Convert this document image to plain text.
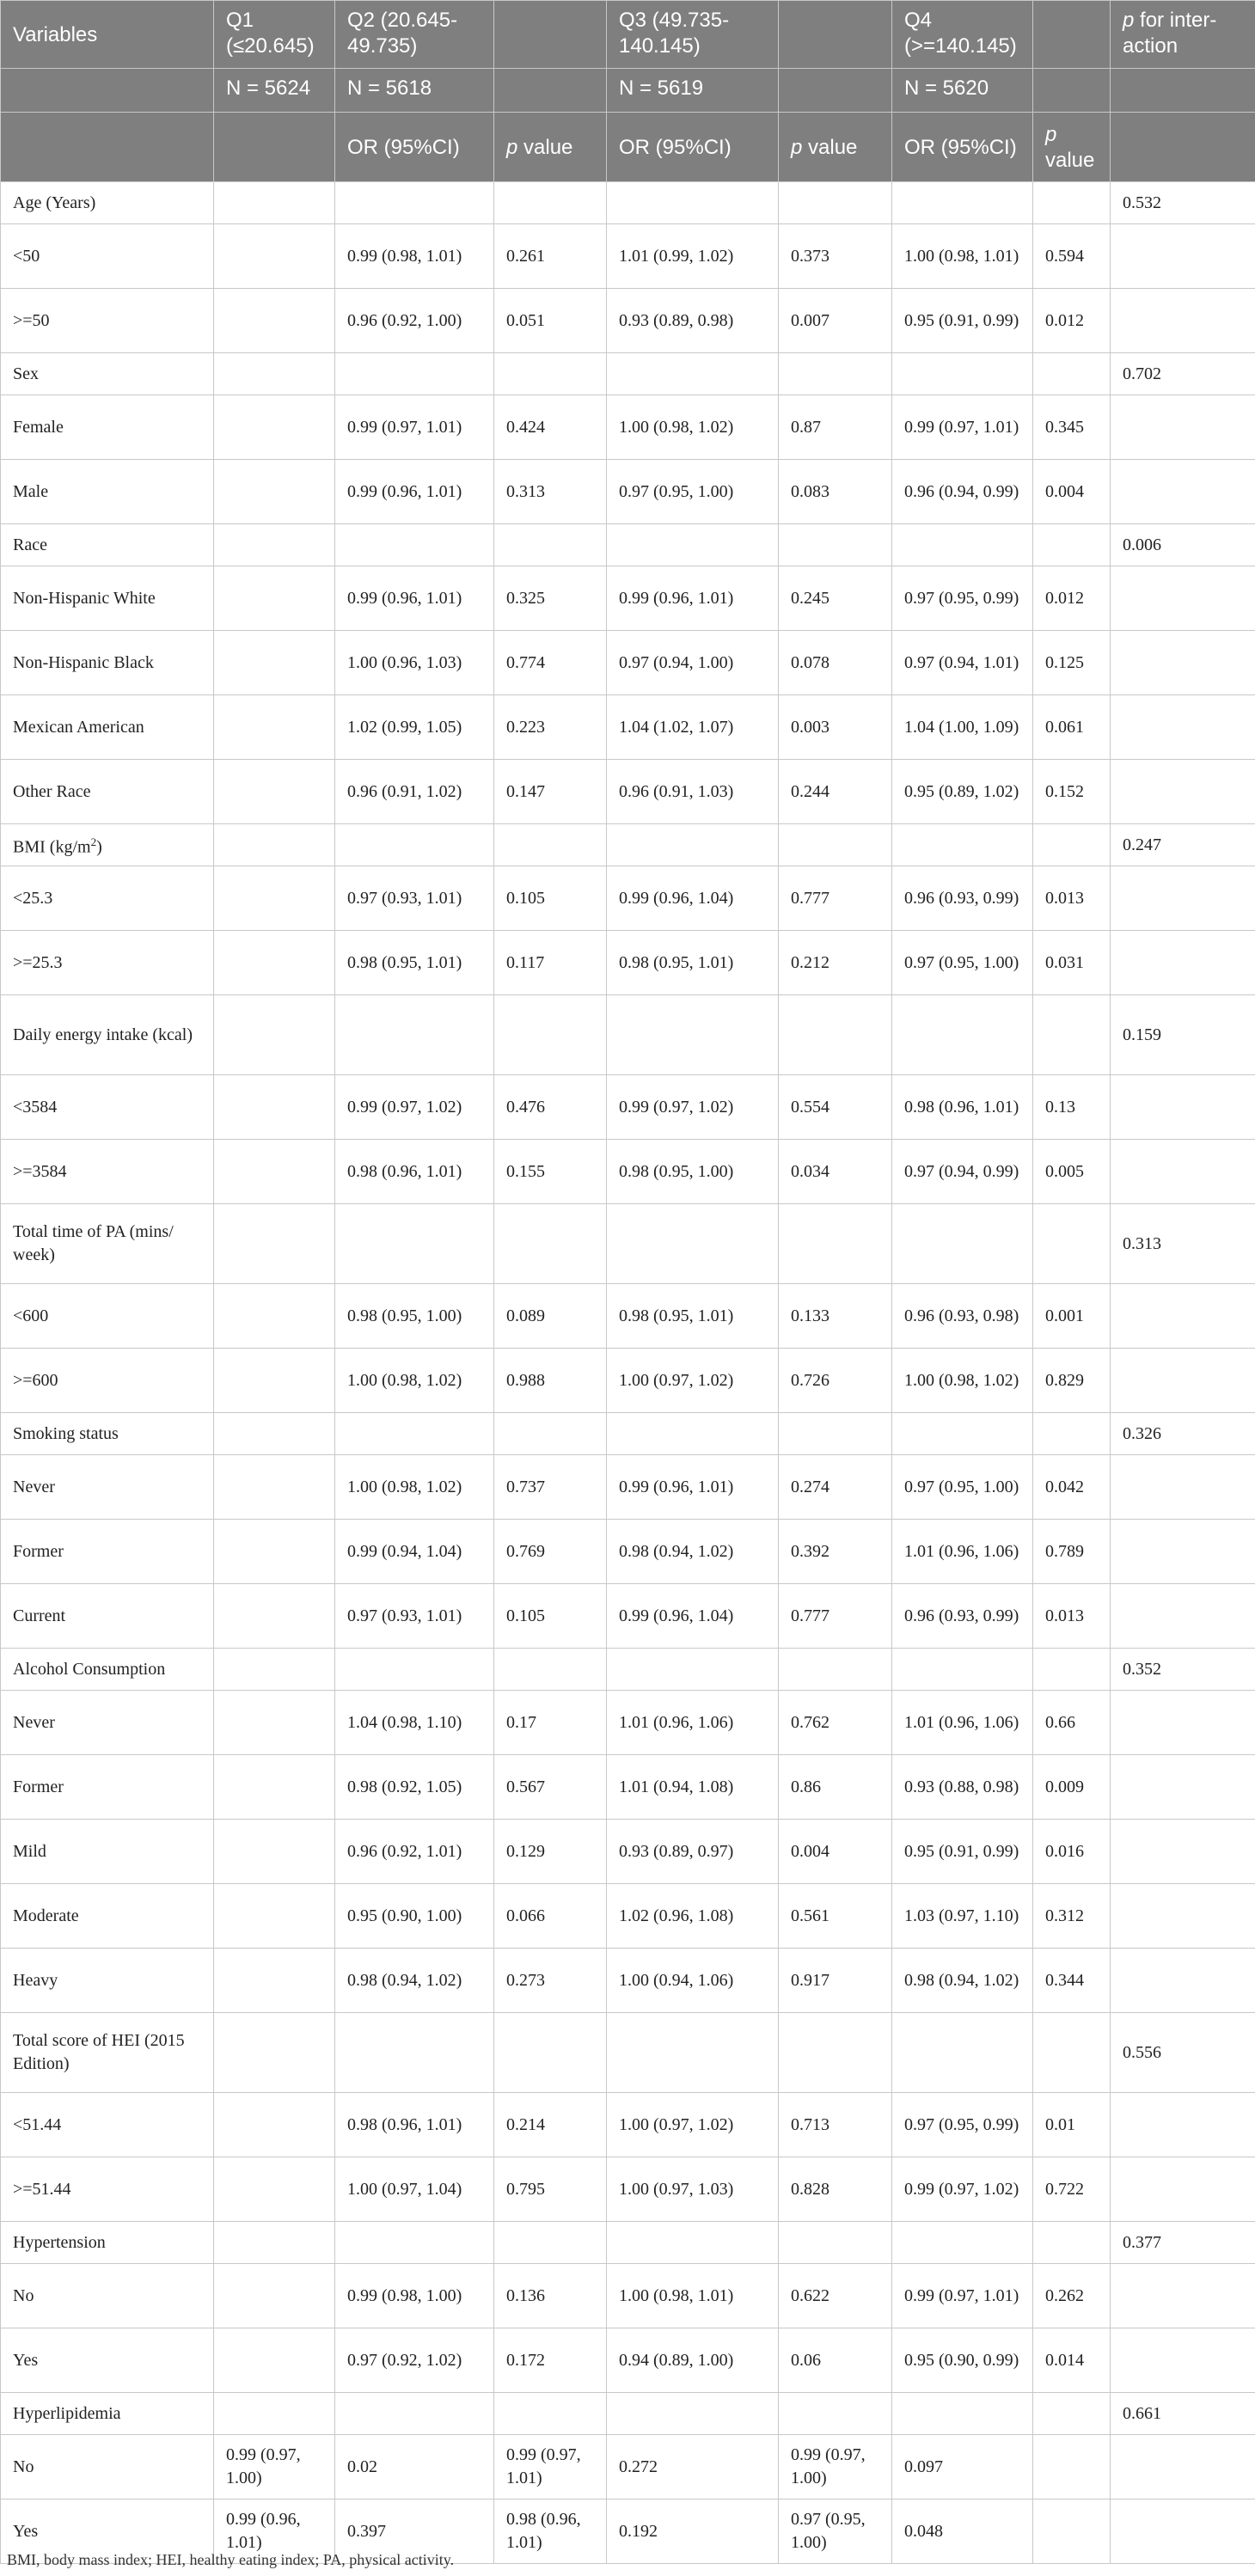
Variables	Q1 (≤20.645)	Q2 (20.645-49.735)		Q3 (49.735-140.145)		Q4 (>=140.145)		p for inter-action
	N = 5624	N = 5618		N = 5619		N = 5620		
		OR (95%CI)	p value	OR (95%CI)	p value	OR (95%CI)	p value	
Age (Years)								0.532
<50		0.99 (0.98, 1.01)	0.261	1.01 (0.99, 1.02)	0.373	1.00 (0.98, 1.01)	0.594	
>=50		0.96 (0.92, 1.00)	0.051	0.93 (0.89, 0.98)	0.007	0.95 (0.91, 0.99)	0.012	
Sex								0.702
Female		0.99 (0.97, 1.01)	0.424	1.00 (0.98, 1.02)	0.87	0.99 (0.97, 1.01)	0.345	
Male		0.99 (0.96, 1.01)	0.313	0.97 (0.95, 1.00)	0.083	0.96 (0.94, 0.99)	0.004	
Race								0.006
Non-Hispanic White		0.99 (0.96, 1.01)	0.325	0.99 (0.96, 1.01)	0.245	0.97 (0.95, 0.99)	0.012	
Non-Hispanic Black		1.00 (0.96, 1.03)	0.774	0.97 (0.94, 1.00)	0.078	0.97 (0.94, 1.01)	0.125	
Mexican American		1.02 (0.99, 1.05)	0.223	1.04 (1.02, 1.07)	0.003	1.04 (1.00, 1.09)	0.061	
Other Race		0.96 (0.91, 1.02)	0.147	0.96 (0.91, 1.03)	0.244	0.95 (0.89, 1.02)	0.152	
BMI $(kg/m^2)$								0.247
<25.3		0.97 (0.93, 1.01)	0.105	0.99 (0.96, 1.04)	0.777	0.96 (0.93, 0.99)	0.013	
>=25.3		0.98 (0.95, 1.01)	0.117	0.98 (0.95, 1.01)	0.212	0.97 (0.95, 1.00)	0.031	
Daily energy intake (kcal)								0.159
<3584		0.99 (0.97, 1.02)	0.476	0.99 (0.97, 1.02)	0.554	0.98 (0.96, 1.01)	0.13	
>=3584		0.98 (0.96, 1.01)	0.155	0.98 (0.95, 1.00)	0.034	0.97 (0.94, 0.99)	0.005	
Total time of PA (mins/ week)								0.313
<600		0.98 (0.95, 1.00)	0.089	0.98 (0.95, 1.01)	0.133	0.96 (0.93, 0.98)	0.001	
>=600		1.00 (0.98, 1.02)	0.988	1.00 (0.97, 1.02)	0.726	1.00 (0.98, 1.02)	0.829	
Smoking status								0.326
Never		1.00 (0.98, 1.02)	0.737	0.99 (0.96, 1.01)	0.274	0.97 (0.95, 1.00)	0.042	
Former		0.99 (0.94, 1.04)	0.769	0.98 (0.94, 1.02)	0.392	1.01 (0.96, 1.06)	0.789	
Current		0.97 (0.93, 1.01)	0.105	0.99 (0.96, 1.04)	0.777	0.96 (0.93, 0.99)	0.013	
Alcohol Consumption								0.352
Never		1.04 (0.98, 1.10)	0.17	1.01 (0.96, 1.06)	0.762	1.01 (0.96, 1.06)	0.66	
Former		0.98 (0.92, 1.05)	0.567	1.01 (0.94, 1.08)	0.86	0.93 (0.88, 0.98)	0.009	
Mild		0.96 (0.92, 1.01)	0.129	0.93 (0.89, 0.97)	0.004	0.95 (0.91, 0.99)	0.016	
Moderate		0.95 (0.90, 1.00)	0.066	1.02 (0.96, 1.08)	0.561	1.03 (0.97, 1.10)	0.312	
Heavy		0.98 (0.94, 1.02)	0.273	1.00 (0.94, 1.06)	0.917	0.98 (0.94, 1.02)	0.344	
Total score of HEI (2015 Edition)								0.556
<51.44		0.98 (0.96, 1.01)	0.214	1.00 (0.97, 1.02)	0.713	0.97 (0.95, 0.99)	0.01	
>=51.44		1.00 (0.97, 1.04)	0.795	1.00 (0.97, 1.03)	0.828	0.99 (0.97, 1.02)	0.722	
Hypertension								0.377
No		0.99 (0.98, 1.00)	0.136	1.00 (0.98, 1.01)	0.622	0.99 (0.97, 1.01)	0.262	
Yes		0.97 (0.92, 1.02)	0.172	0.94 (0.89, 1.00)	0.06	0.95 (0.90, 0.99)	0.014	
Hyperlipidemia								0.661
No	0.99 (0.97, 1.00)	0.02	0.99 (0.97, 1.01)	0.272	0.99 (0.97, 1.00)	0.097		
Yes	0.99 (0.96, 1.01)	0.397	0.98 (0.96, 1.01)	0.192	0.97 (0.95, 1.00)	0.048		
BMI, body mass index; HEI, healthy eating index; PA, physical activity.
